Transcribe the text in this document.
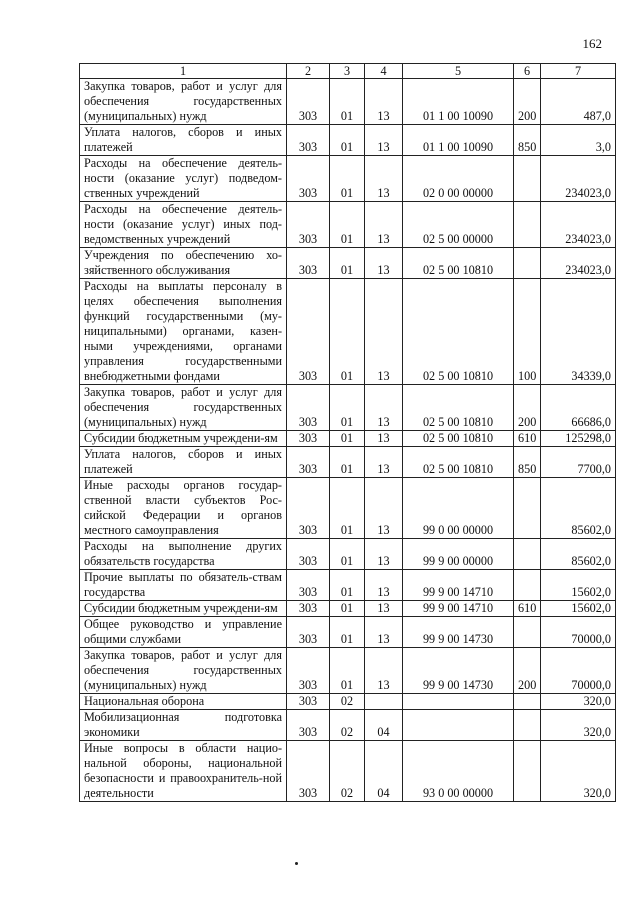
162
1	2	3	4	5	6	7
Закупка товаров, работ и услуг для обеспечения государственных (муниципальных) нужд	303	01	13	01 1 00 10090	200	487,0
Уплата налогов, сборов и иных платежей	303	01	13	01 1 00 10090	850	3,0
Расходы на обеспечение деятель-ности (оказание услуг) подведом-ственных учреждений	303	01	13	02 0 00 00000		234023,0
Расходы на обеспечение деятель-ности (оказание услуг) иных под-ведомственных учреждений	303	01	13	02 5 00 00000		234023,0
Учреждения по обеспечению хо-зяйственного обслуживания	303	01	13	02 5 00 10810		234023,0
Расходы на выплаты персоналу в целях обеспечения выполнения функций государственными (му-ниципальными) органами, казен-ными учреждениями, органами управления государственными внебюджетными фондами	303	01	13	02 5 00 10810	100	34339,0
Закупка товаров, работ и услуг для обеспечения государственных (муниципальных) нужд	303	01	13	02 5 00 10810	200	66686,0
Субсидии бюджетным учреждени-ям	303	01	13	02 5 00 10810	610	125298,0
Уплата налогов, сборов и иных платежей	303	01	13	02 5 00 10810	850	7700,0
Иные расходы органов государ-ственной власти субъектов Рос-сийской Федерации и органов местного самоуправления	303	01	13	99 0 00 00000		85602,0
Расходы на выполнение других обязательств государства	303	01	13	99 9 00 00000		85602,0
Прочие выплаты по обязатель-ствам государства	303	01	13	99 9 00 14710		15602,0
Субсидии бюджетным учреждени-ям	303	01	13	99 9 00 14710	610	15602,0
Общее руководство и управление общими службами	303	01	13	99 9 00 14730		70000,0
Закупка товаров, работ и услуг для обеспечения государственных (муниципальных) нужд	303	01	13	99 9 00 14730	200	70000,0
Национальная оборона	303	02				320,0
Мобилизационная подготовка экономики	303	02	04			320,0
Иные вопросы в области нацио-нальной обороны, национальной безопасности и правоохранитель-ной деятельности	303	02	04	93 0 00 00000		320,0
